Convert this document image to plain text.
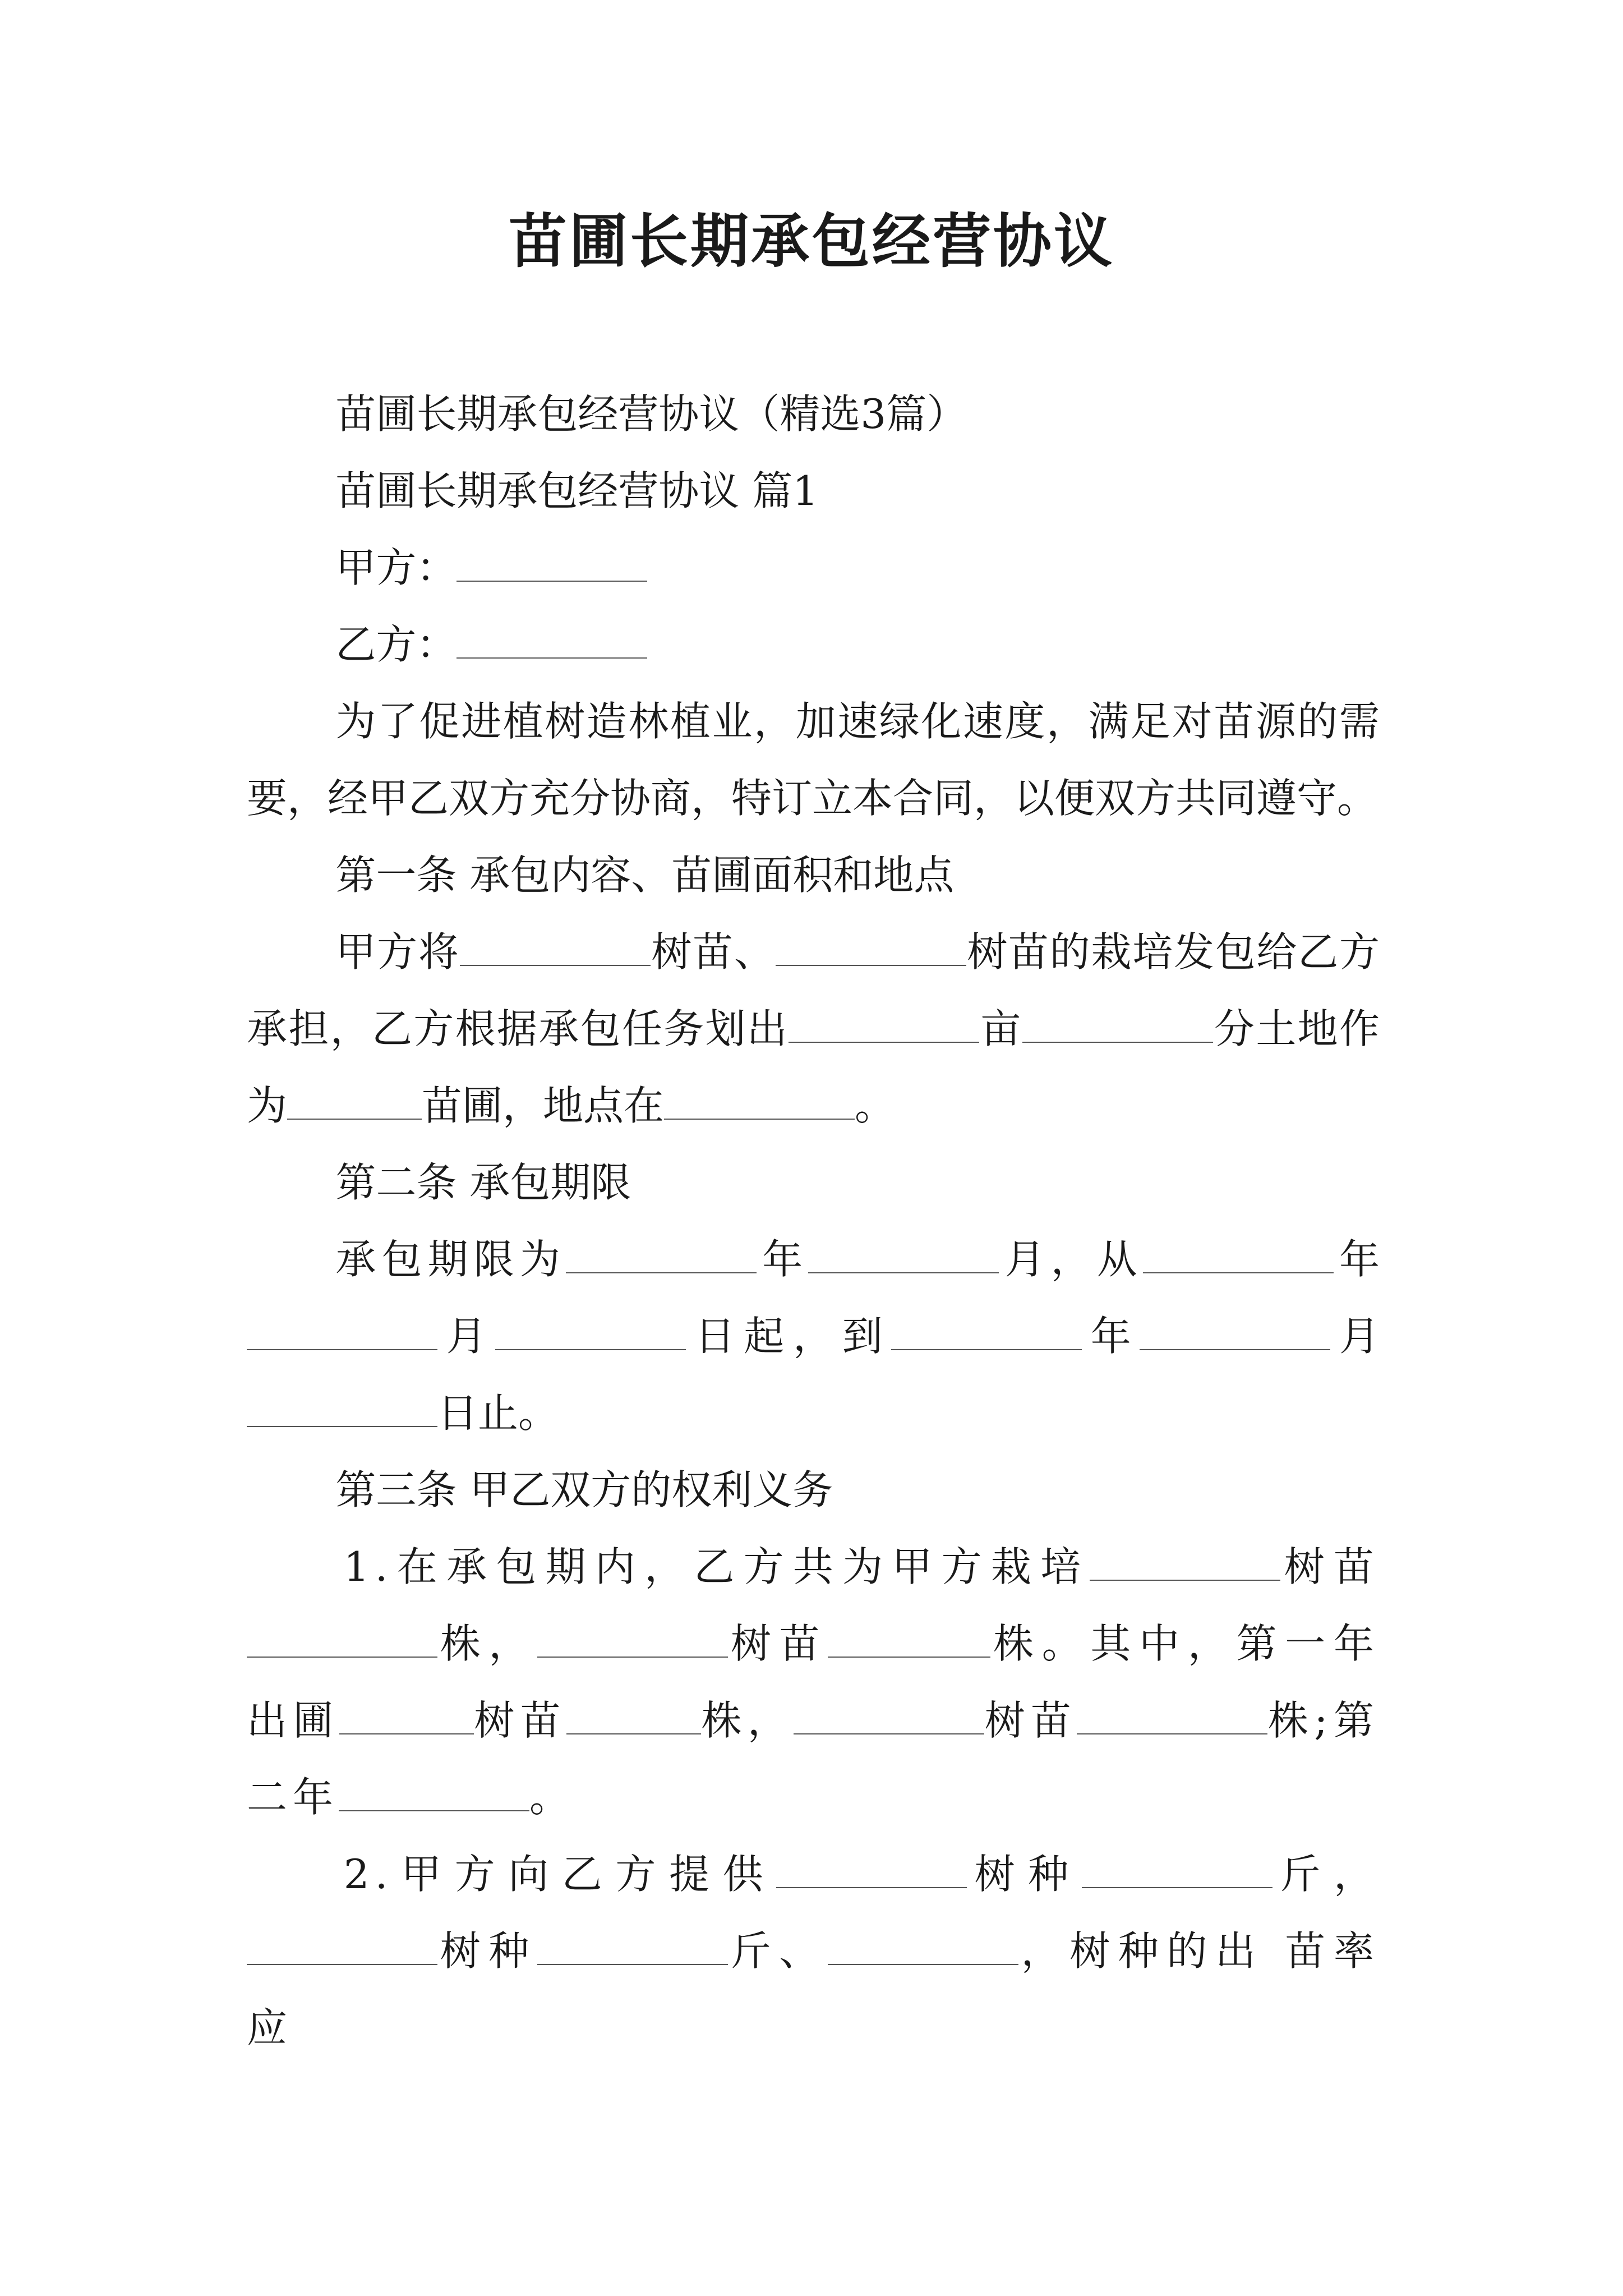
苗圃长期承包经营协议

苗圃长期承包经营协议（精选3篇）

苗圃长期承包经营协议 篇1

甲方：

乙方：

为了促进植树造林植业，加速绿化速度，满足对苗源的需要，经甲乙双方充分协商，特订立本合同，以便双方共同遵守。

第一条 承包内容、苗圃面积和地点

甲方将	树苗、	树苗的栽培发包给乙方承担，乙方根据承包任务划出	亩	分土地作为	苗圃，地点在	。

第二条 承包期限

承包期限为	年	月，从	年月	日起，到	年	月日止。

第三条 甲乙双方的权利义务

1.在承包期内，乙方共为甲方栽培	树苗株，	树苗	株。其中，第一年出圃	树苗	株，	树苗	株;第二年	。

2.甲方向乙方提供	树种	斤，树种	斤、	，树种的出 苗率应
